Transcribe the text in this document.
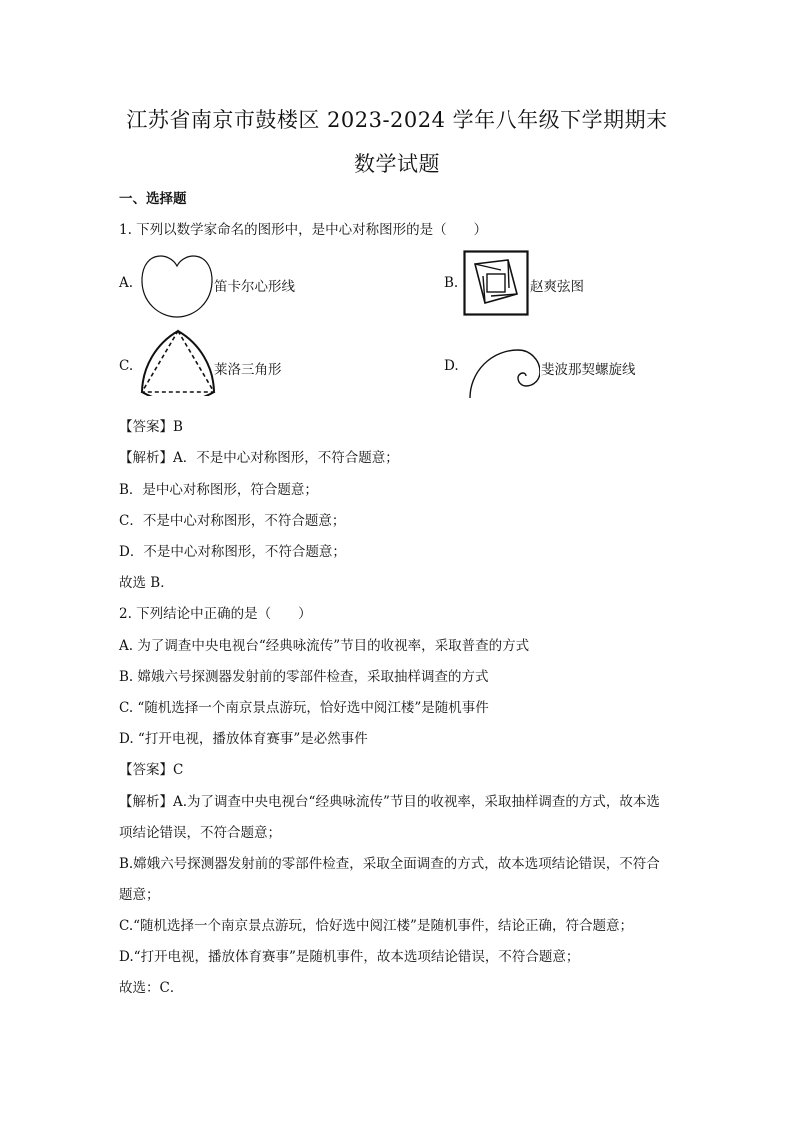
江苏省南京市鼓楼区 2023-2024 学年八年级下学期期末
数学试题
一、选择题
1. 下列以数学家命名的图形中，是中心对称图形的是（　　）
A.	笛卡尔心形线	B.	赵爽弦图
C.	莱洛三角形	D.	斐波那契螺旋线
【答案】B
【解析】A．不是中心对称图形，不符合题意；
B．是中心对称图形，符合题意；
C．不是中心对称图形，不符合题意；
D．不是中心对称图形，不符合题意；
故选 B．
2. 下列结论中正确的是（　　）
A. 为了调查中央电视台“经典咏流传”节目的收视率，采取普查的方式
B. 嫦娥六号探测器发射前的零部件检查，采取抽样调查的方式
C. “随机选择一个南京景点游玩，恰好选中阅江楼”是随机事件
D. “打开电视，播放体育赛事”是必然事件
【答案】C
【解析】A.为了调查中央电视台“经典咏流传”节目的收视率，采取抽样调查的方式，故本选
项结论错误，不符合题意；
B.嫦娥六号探测器发射前的零部件检查，采取全面调查的方式，故本选项结论错误，不符合
题意；
C.“随机选择一个南京景点游玩，恰好选中阅江楼”是随机事件，结论正确，符合题意；
D.“打开电视，播放体育赛事”是随机事件，故本选项结论错误，不符合题意；
故选：C．
